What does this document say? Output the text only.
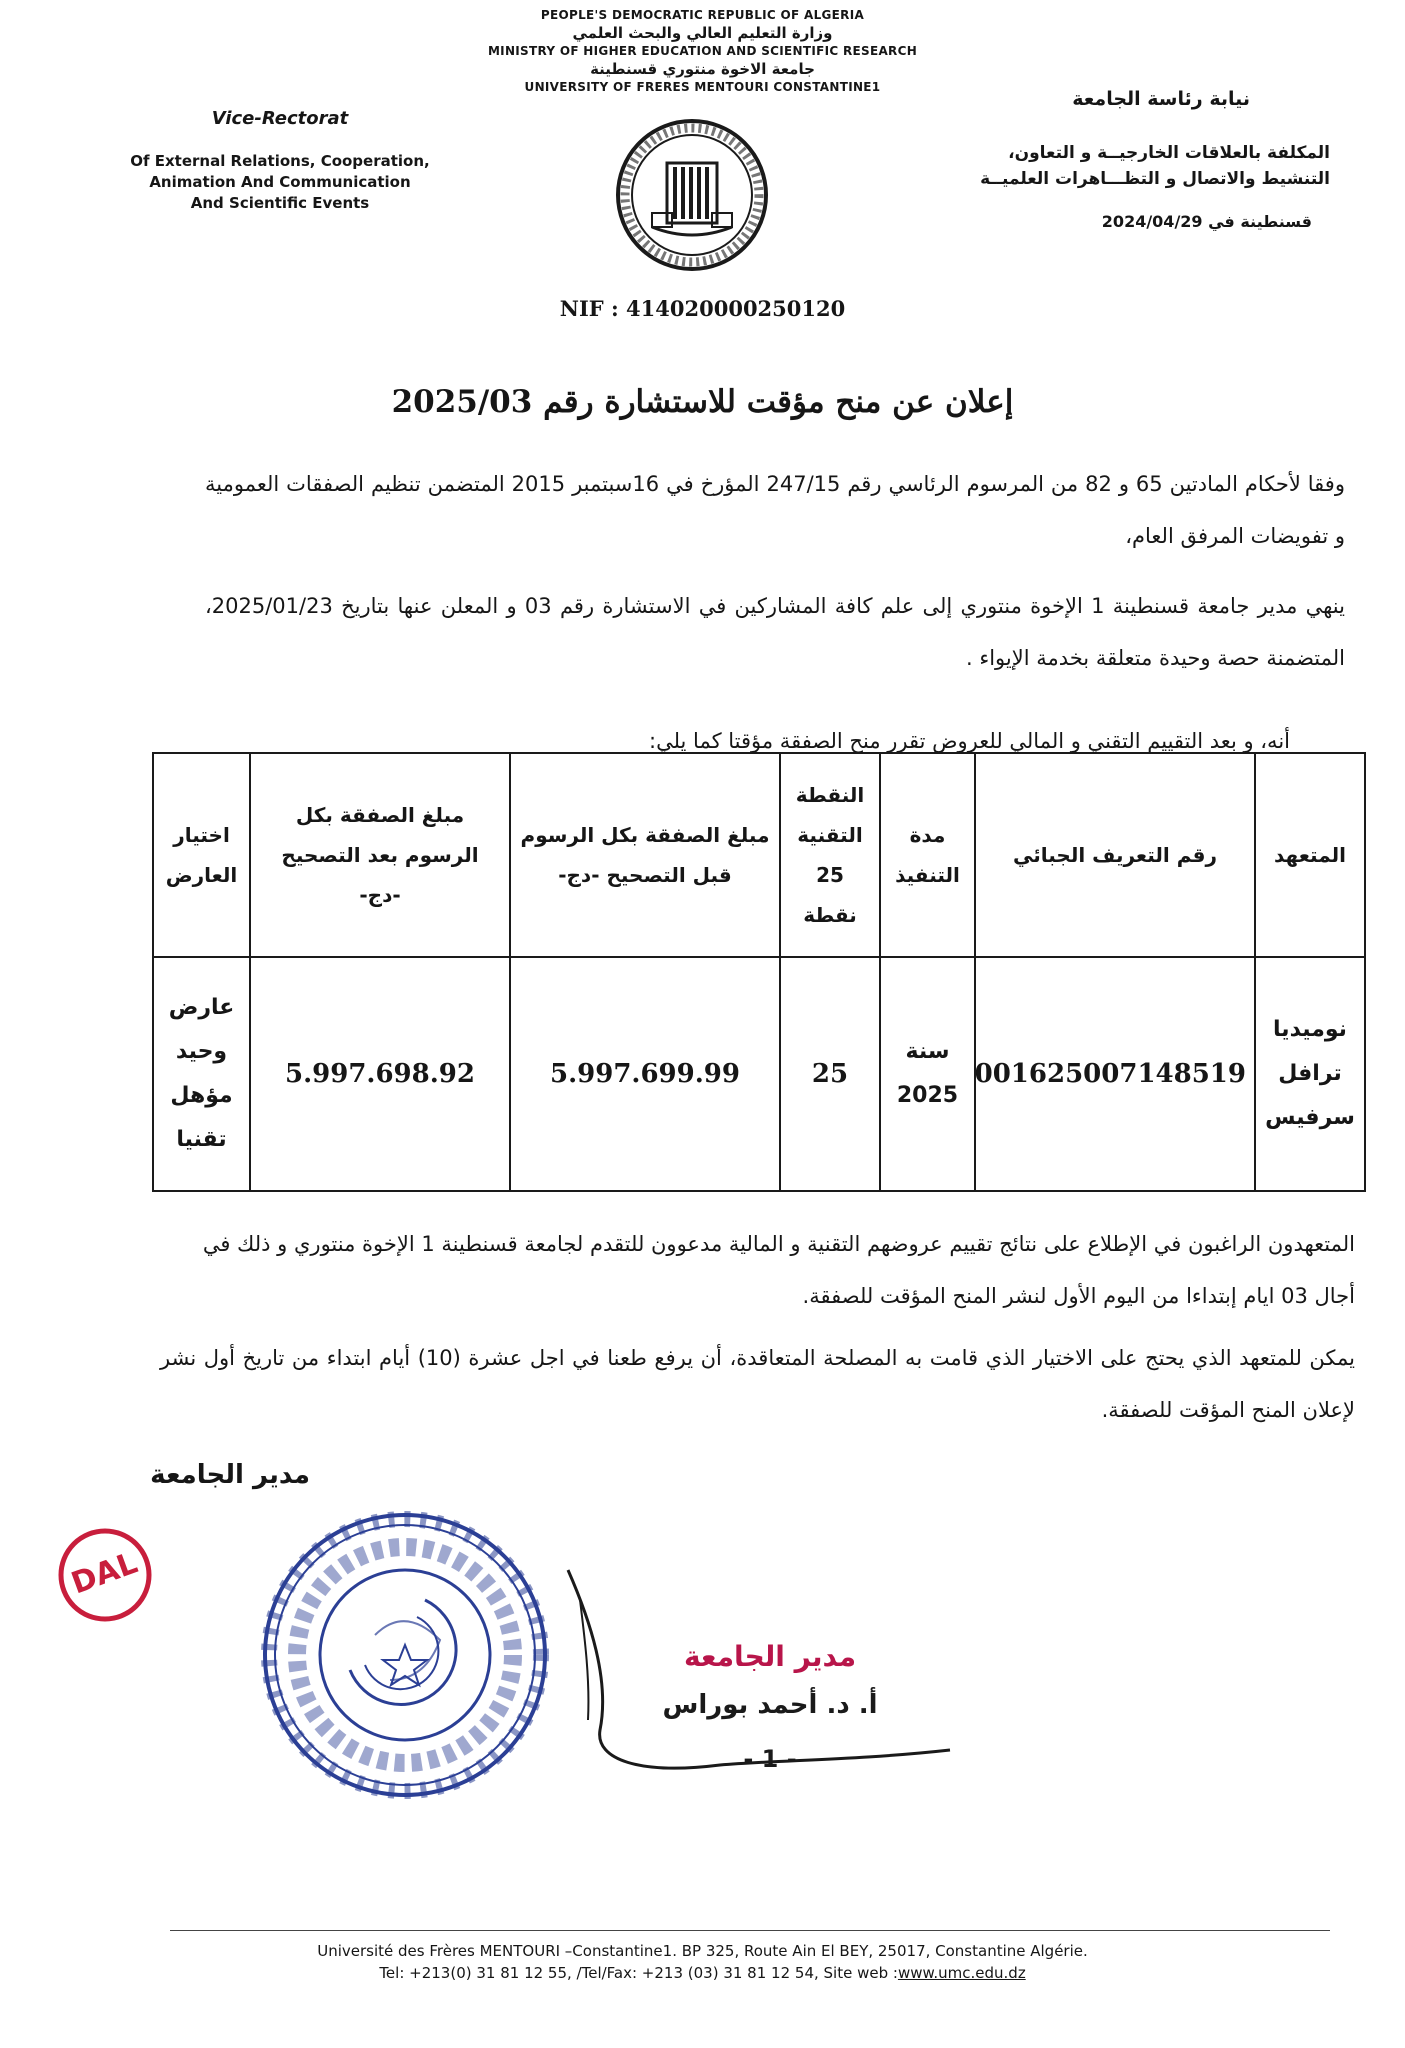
PEOPLE'S DEMOCRATIC REPUBLIC OF ALGERIA
وزارة التعليم العالي والبحث العلمي
MINISTRY OF HIGHER EDUCATION AND SCIENTIFIC RESEARCH
جامعة الاخوة منتوري قسنطينة
UNIVERSITY OF FRERES MENTOURI CONSTANTINE1
Vice-Rectorat
Of External Relations, Cooperation,
Animation And Communication
And Scientific Events
نيابة رئاسة الجامعة
المكلفة بالعلاقات الخارجيــة و التعاون،
التنشيط والاتصال و التظـــاهرات العلميــة
قسنطينة في 2024/04/29
NIF : 414020000250120
إعلان عن منح مؤقت للاستشارة رقم 2025/03
وفقا لأحكام المادتين 65 و 82 من المرسوم الرئاسي رقم 247/15 المؤرخ في 16سبتمبر 2015 المتضمن تنظيم الصفقات العمومية و تفويضات المرفق العام،
ينهي مدير جامعة قسنطينة 1 الإخوة منتوري إلى علم كافة المشاركين في الاستشارة رقم 03 و المعلن عنها بتاريخ 2025/01/23، المتضمنة حصة وحيدة متعلقة بخدمة الإيواء .
أنه، و بعد التقييم التقني و المالي للعروض تقرر منح الصفقة مؤقتا كما يلي:
المتعهد	رقم التعريف الجبائي	مدة التنفيذ	النقطة التقنية 25 نقطة	مبلغ الصفقة بكل الرسوم قبل التصحيح -دج-	مبلغ الصفقة بكل الرسوم بعد التصحيح -دج-	اختيار العارض
نوميديا ترافل سرفيس	001625007148519	سنة 2025	25	5.997.699.99	5.997.698.92	عارض وحيد مؤهل تقنيا
المتعهدون الراغبون في الإطلاع على نتائج تقييم عروضهم التقنية و المالية مدعوون للتقدم لجامعة قسنطينة 1 الإخوة منتوري و ذلك في أجال 03 ايام إبتداءا من اليوم الأول لنشر المنح المؤقت للصفقة.
يمكن للمتعهد الذي يحتج على الاختيار الذي قامت به المصلحة المتعاقدة، أن يرفع طعنا في اجل عشرة (10) أيام ابتداء من تاريخ أول نشر لإعلان المنح المؤقت للصفقة.
مدير الجامعة
DAL
مدير الجامعة
أ. د. أحمد بوراس
- 1 -
Université des Frères MENTOURI –Constantine1. BP 325, Route Ain El BEY, 25017, Constantine Algérie.
Tel: +213(0) 31 81 12 55, /Tel/Fax: +213 (03) 31 81 12 54, Site web :www.umc.edu.dz
